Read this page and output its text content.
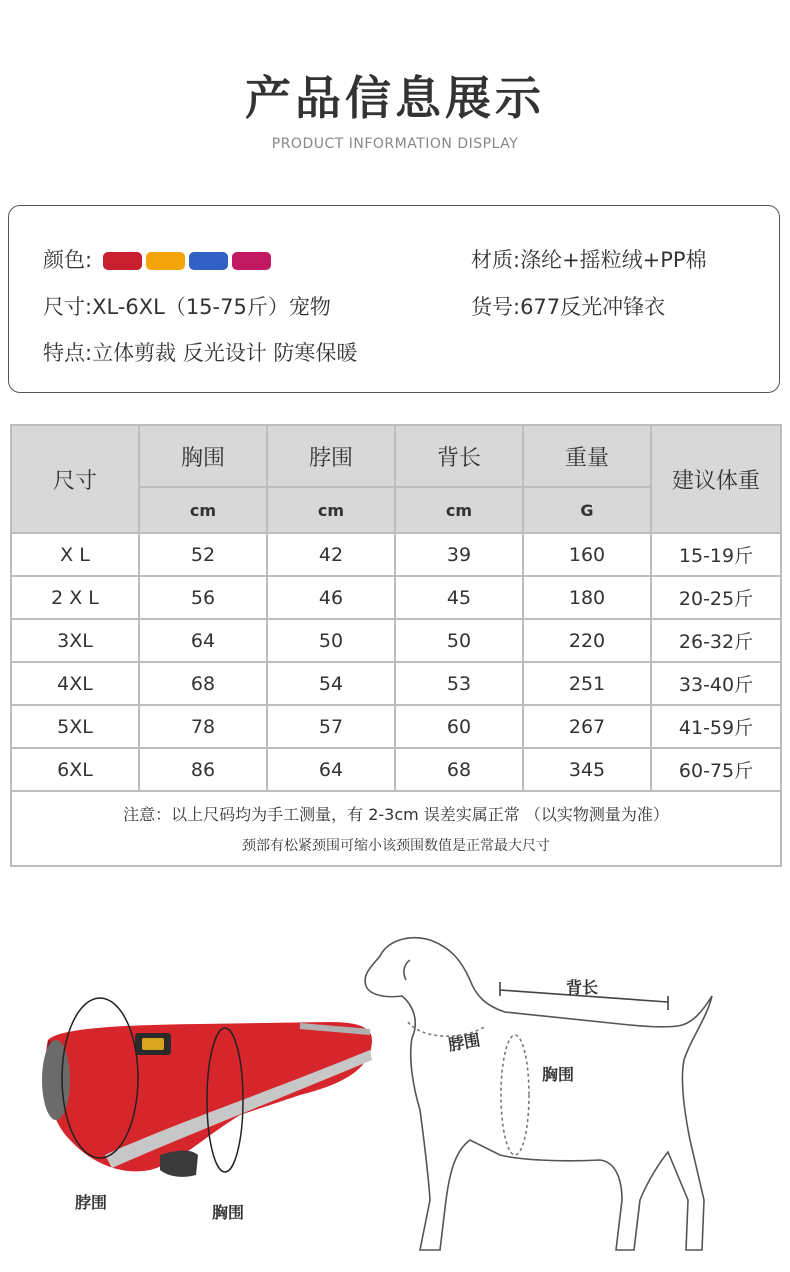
产品信息展示
PRODUCT INFORMATION DISPLAY
颜色:	材质:涤纶+摇粒绒+PP棉
尺寸:XL-6XL（15-75斤）宠物	货号:677反光冲锋衣
特点:立体剪裁 反光设计 防寒保暖
尺寸	胸围	脖围	背长	重量	建议体重
	cm	cm	cm	G	
X L	52	42	39	160	15-19斤
2 X L	56	46	45	180	20-25斤
3XL	64	50	50	220	26-32斤
4XL	68	54	53	251	33-40斤
5XL	78	57	60	267	41-59斤
6XL	86	64	68	345	60-75斤

注意：以上尺码均为手工测量，有 2-3cm 误差实属正常 （以实物测量为准）
颈部有松紧颈围可缩小该颈围数值是正常最大尺寸					
脖围
胸围
背长
脖围
胸围
